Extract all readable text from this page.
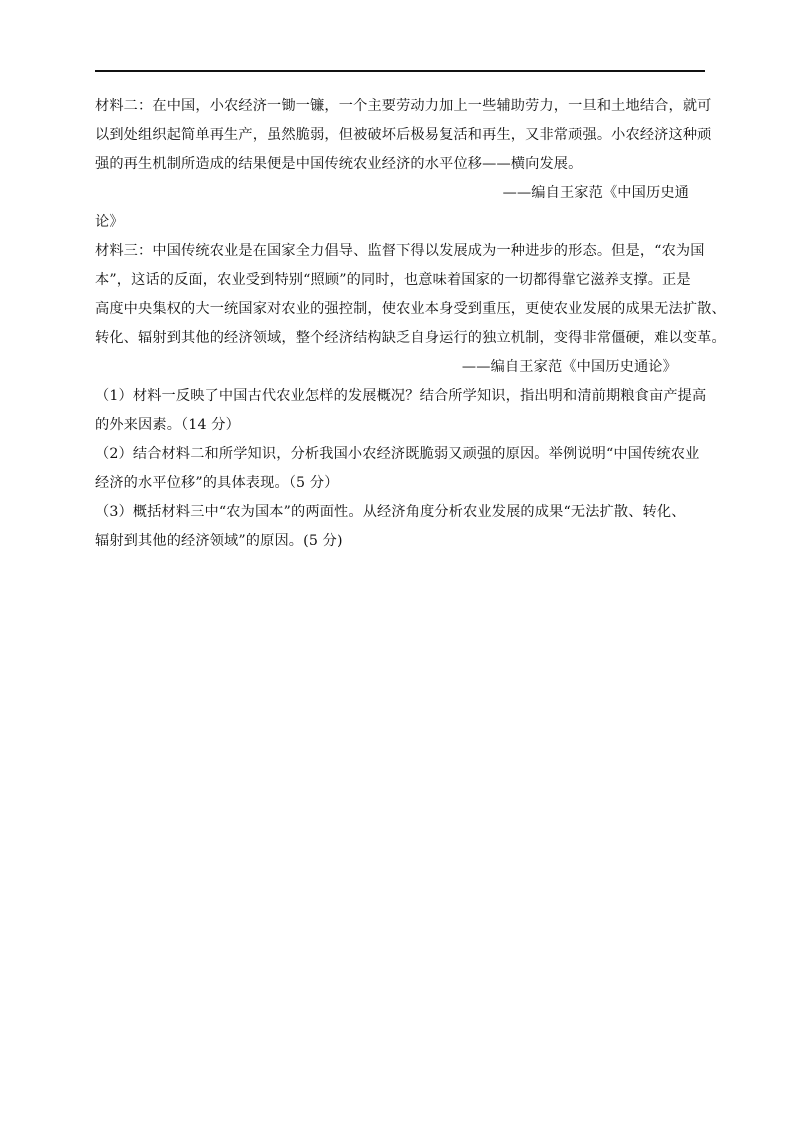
材料二：在中国，小农经济一锄一镰，一个主要劳动力加上一些辅助劳力，一旦和土地结合，就可
以到处组织起简单再生产，虽然脆弱，但被破坏后极易复活和再生，又非常顽强。小农经济这种顽
强的再生机制所造成的结果便是中国传统农业经济的水平位移——横向发展。
——编自王家范《中国历史通
论》
材料三：中国传统农业是在国家全力倡导、监督下得以发展成为一种进步的形态。但是，“农为国
本”，这话的反面，农业受到特别“照顾”的同时，也意味着国家的一切都得靠它滋养支撑。正是
高度中央集权的大一统国家对农业的强控制，使农业本身受到重压，更使农业发展的成果无法扩散、
转化、辐射到其他的经济领域，整个经济结构缺乏自身运行的独立机制，变得非常僵硬，难以变革。
——编自王家范《中国历史通论》
（1）材料一反映了中国古代农业怎样的发展概况？结合所学知识，指出明和清前期粮食亩产提高
的外来因素。（14 分）
（2）结合材料二和所学知识，分析我国小农经济既脆弱又顽强的原因。举例说明“中国传统农业
经济的水平位移”的具体表现。（5 分）
（3）概括材料三中“农为国本”的两面性。从经济角度分析农业发展的成果“无法扩散、转化、
辐射到其他的经济领域”的原因。(5 分)
